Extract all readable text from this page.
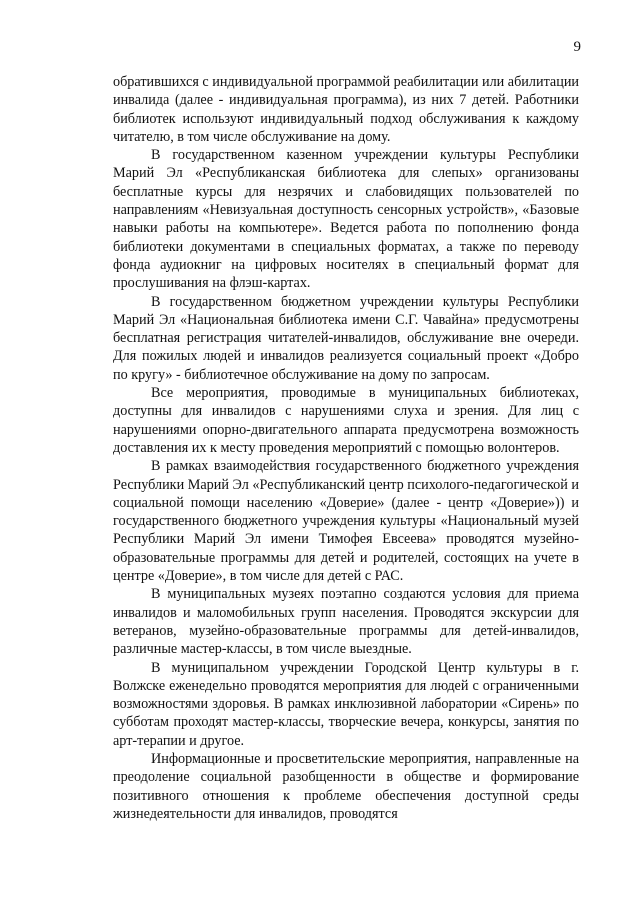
9

обратившихся с индивидуальной программой реабилитации или абилитации инвалида (далее - индивидуальная программа), из них 7 детей. Работники библиотек используют индивидуальный подход обслуживания к каждому читателю, в том числе обслуживание на дому.

В государственном казенном учреждении культуры Республики Марий Эл «Республиканская библиотека для слепых» организованы бесплатные курсы для незрячих и слабовидящих пользователей по направлениям «Невизуальная доступность сенсорных устройств», «Базовые навыки работы на компьютере». Ведется работа по пополнению фонда библиотеки документами в специальных форматах, а также по переводу фонда аудиокниг на цифровых носителях в специальный формат для прослушивания на флэш-картах.

В государственном бюджетном учреждении культуры Республики Марий Эл «Национальная библиотека имени С.Г. Чавайна» предусмотрены бесплатная регистрация читателей-инвалидов, обслуживание вне очереди. Для пожилых людей и инвалидов реализуется социальный проект «Добро по кругу» - библиотечное обслуживание на дому по запросам.

Все мероприятия, проводимые в муниципальных библиотеках, доступны для инвалидов с нарушениями слуха и зрения. Для лиц с нарушениями опорно-двигательного аппарата предусмотрена возможность доставления их к месту проведения мероприятий с помощью волонтеров.

В рамках взаимодействия государственного бюджетного учреждения Республики Марий Эл «Республиканский центр психолого-педагогической и социальной помощи населению «Доверие» (далее - центр «Доверие»)) и государственного бюджетного учреждения культуры «Национальный музей Республики Марий Эл имени Тимофея Евсеева» проводятся музейно-образовательные программы для детей и родителей, состоящих на учете в центре «Доверие», в том числе для детей с РАС.

В муниципальных музеях поэтапно создаются условия для приема инвалидов и маломобильных групп населения. Проводятся экскурсии для ветеранов, музейно-образовательные программы для детей-инвалидов, различные мастер-классы, в том числе выездные.

В муниципальном учреждении Городской Центр культуры в г. Волжске еженедельно проводятся мероприятия для людей с ограниченными возможностями здоровья. В рамках инклюзивной лаборатории «Сирень» по субботам проходят мастер-классы, творческие вечера, конкурсы, занятия по арт-терапии и другое.

Информационные и просветительские мероприятия, направленные на преодоление социальной разобщенности в обществе и формирование позитивного отношения к проблеме обеспечения доступной среды жизнедеятельности для инвалидов, проводятся
